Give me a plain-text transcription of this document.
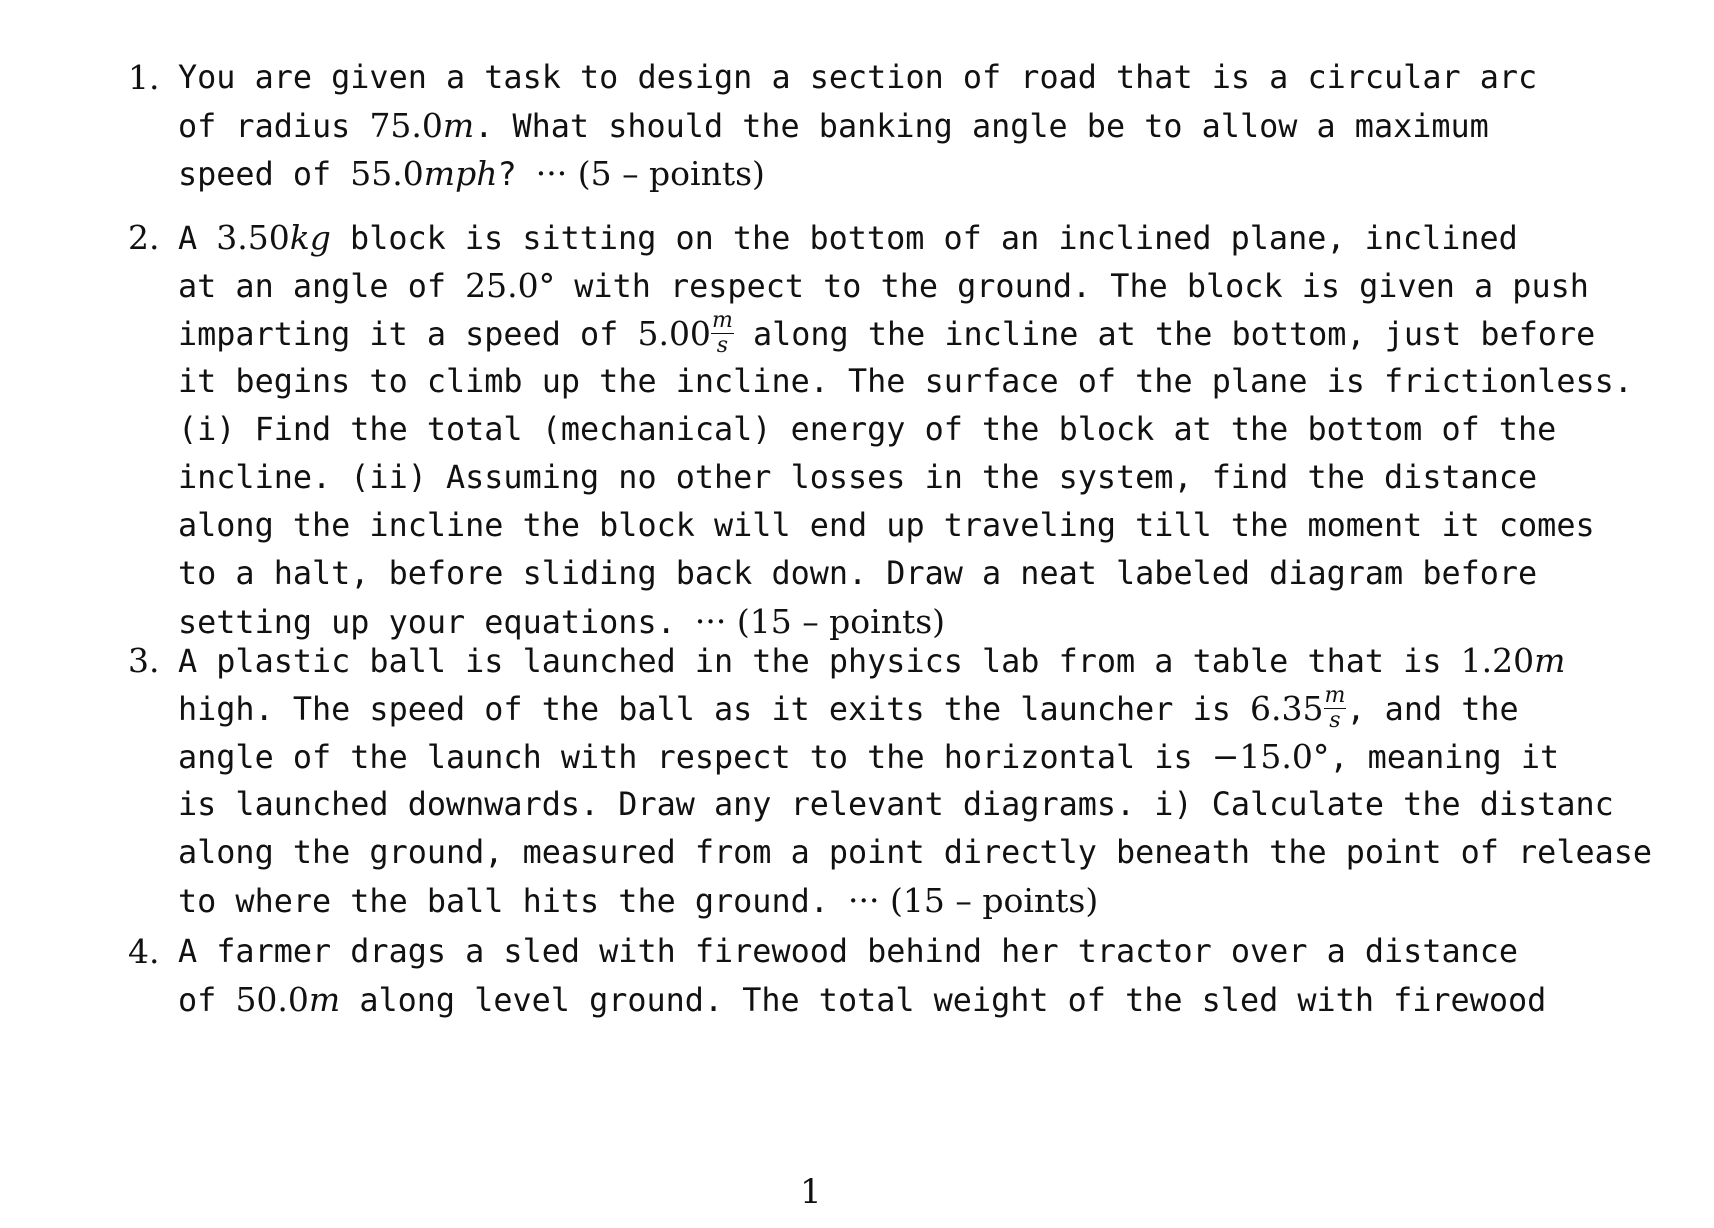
1. You are given a task to design a section of road that is a circular arc
of radius 75.0m. What should the banking angle be to allow a maximum
speed of 55.0mph? ··· (5 – points)
2. A 3.50kg block is sitting on the bottom of an inclined plane, inclined
at an angle of 25.0° with respect to the ground. The block is given a push
imparting it a speed of $5.00 \frac{m}{s}$ along the incline at the bottom, just before
it begins to climb up the incline. The surface of the plane is frictionless.
(i) Find the total (mechanical) energy of the block at the bottom of the
incline. (ii) Assuming no other losses in the system, find the distance
along the incline the block will end up traveling till the moment it comes
to a halt, before sliding back down. Draw a neat labeled diagram before
setting up your equations. ··· (15 – points)
3. A plastic ball is launched in the physics lab from a table that is 1.20m
high. The speed of the ball as it exits the launcher is $6.35 \frac{m}{s}$ , and the
angle of the launch with respect to the horizontal is −15.0°, meaning it
is launched downwards. Draw any relevant diagrams. i) Calculate the distanc
along the ground, measured from a point directly beneath the point of release
to where the ball hits the ground. ··· (15 – points)
4. A farmer drags a sled with firewood behind her tractor over a distance
of 50.0m along level ground. The total weight of the sled with firewood
1
